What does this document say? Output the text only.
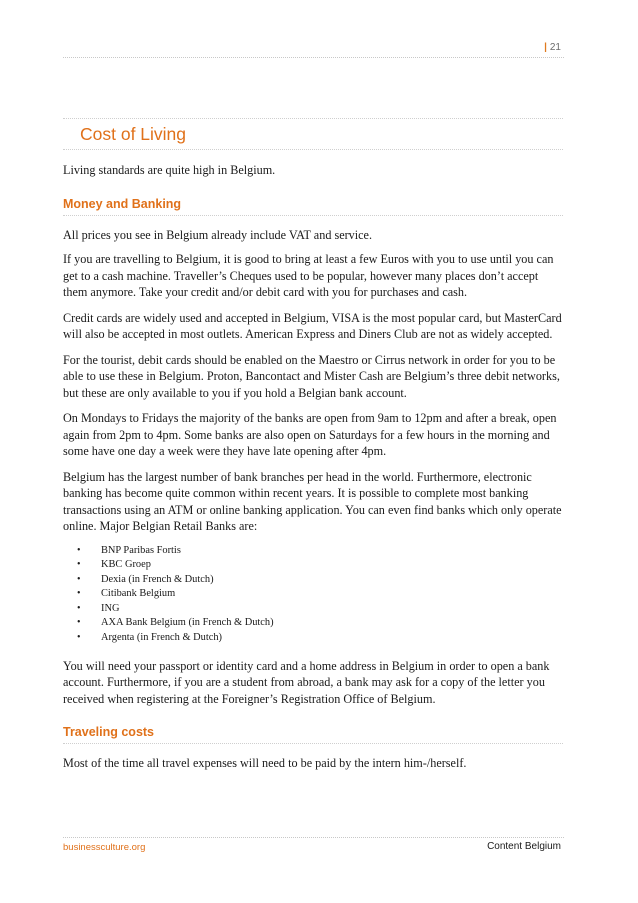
| 21
Cost of Living

Living standards are quite high in Belgium.

Money and Banking

All prices you see in Belgium already include VAT and service.

If you are travelling to Belgium, it is good to bring at least a few Euros with you to use until you can get to a cash machine. Traveller’s Cheques used to be popular, however many places don’t accept them anymore. Take your credit and/or debit card with you for purchases and cash.

Credit cards are widely used and accepted in Belgium, VISA is the most popular card, but MasterCard will also be accepted in most outlets. American Express and Diners Club are not as widely accepted.

For the tourist, debit cards should be enabled on the Maestro or Cirrus network in order for you to be able to use these in Belgium. Proton, Bancontact and Mister Cash are Belgium’s three debit networks, but these are only available to you if you hold a Belgian bank account.

On Mondays to Fridays the majority of the banks are open from 9am to 12pm and after a break, open again from 2pm to 4pm. Some banks are also open on Saturdays for a few hours in the morning and some have one day a week were they have late opening after 4pm.

Belgium has the largest number of bank branches per head in the world. Furthermore, electronic banking has become quite common within recent years. It is possible to complete most banking transactions using an ATM or online banking application. You can even find banks which only operate online. Major Belgian Retail Banks are:

• BNP Paribas Fortis
• KBC Groep
• Dexia (in French & Dutch)
• Citibank Belgium
• ING
• AXA Bank Belgium (in French & Dutch)
• Argenta (in French & Dutch)

You will need your passport or identity card and a home address in Belgium in order to open a bank account. Furthermore, if you are a student from abroad, a bank may ask for a copy of the letter you received when registering at the Foreigner’s Registration Office of Belgium.

Traveling costs

Most of the time all travel expenses will need to be paid by the intern him-/herself.

businessculture.org	Content Belgium
